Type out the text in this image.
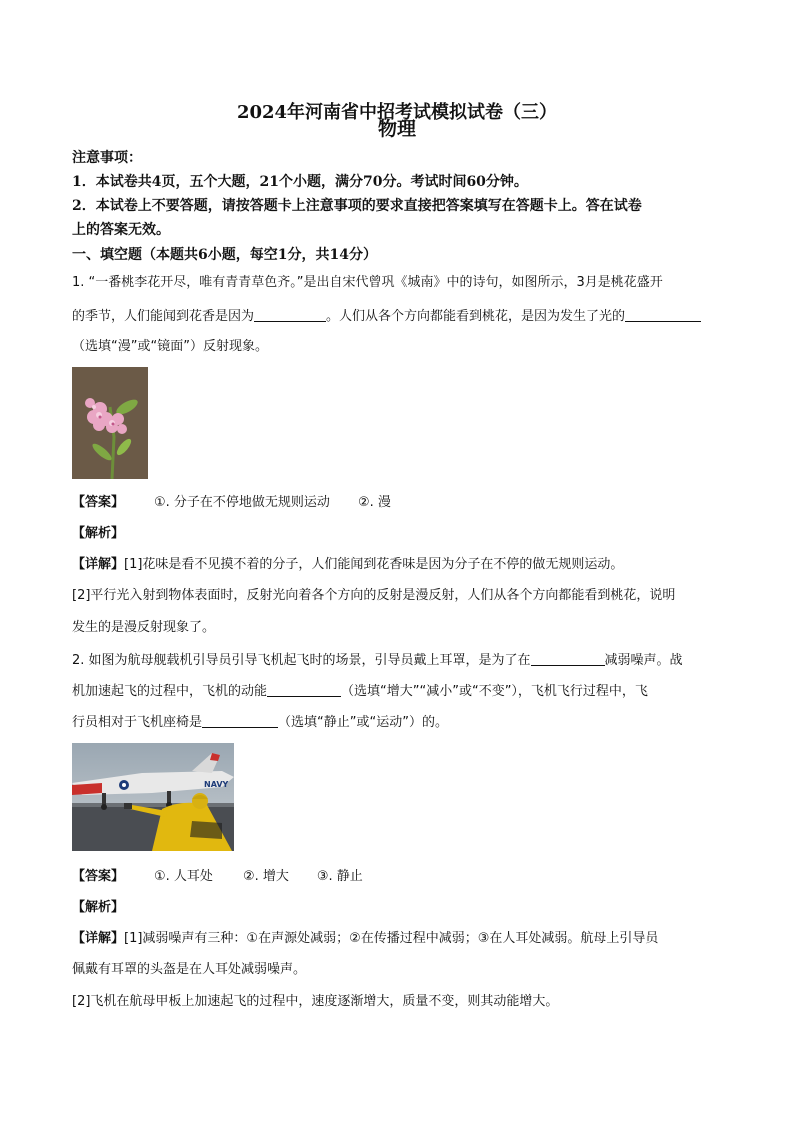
2024年河南省中招考试模拟试卷（三）
物理
注意事项：
1．本试卷共4页，五个大题，21个小题，满分70分。考试时间60分钟。
2．本试卷上不要答题，请按答题卡上注意事项的要求直接把答案填写在答题卡上。答在试卷
上的答案无效。
一、填空题（本题共6小题，每空1分，共14分）
1. “一番桃李花开尽，唯有青青草色齐。”是出自宋代曾巩《城南》中的诗句，如图所示，3月是桃花盛开
的季节，人们能闻到花香是因为	。人们从各个方向都能看到桃花，是因为发生了光的
（选填“漫”或“镜面”）反射现象。
【答案】 ①. 分子在不停地做无规则运动 ②. 漫
【解析】
【详解】[1]花味是看不见摸不着的分子，人们能闻到花香味是因为分子在不停的做无规则运动。
[2]平行光入射到物体表面时，反射光向着各个方向的反射是漫反射，人们从各个方向都能看到桃花，说明
发生的是漫反射现象了。
2. 如图为航母舰载机引导员引导飞机起飞时的场景，引导员戴上耳罩，是为了在	减弱噪声。战
机加速起飞的过程中，飞机的动能	（选填“增大”“减小”或“不变”），飞机飞行过程中，飞
行员相对于飞机座椅是	（选填“静止”或“运动”）的。
NAVY
【答案】 ①. 人耳处 ②. 增大 ③. 静止
【解析】
【详解】[1]减弱噪声有三种：①在声源处减弱；②在传播过程中减弱；③在人耳处减弱。航母上引导员
佩戴有耳罩的头盔是在人耳处减弱噪声。
[2]飞机在航母甲板上加速起飞的过程中，速度逐渐增大，质量不变，则其动能增大。
